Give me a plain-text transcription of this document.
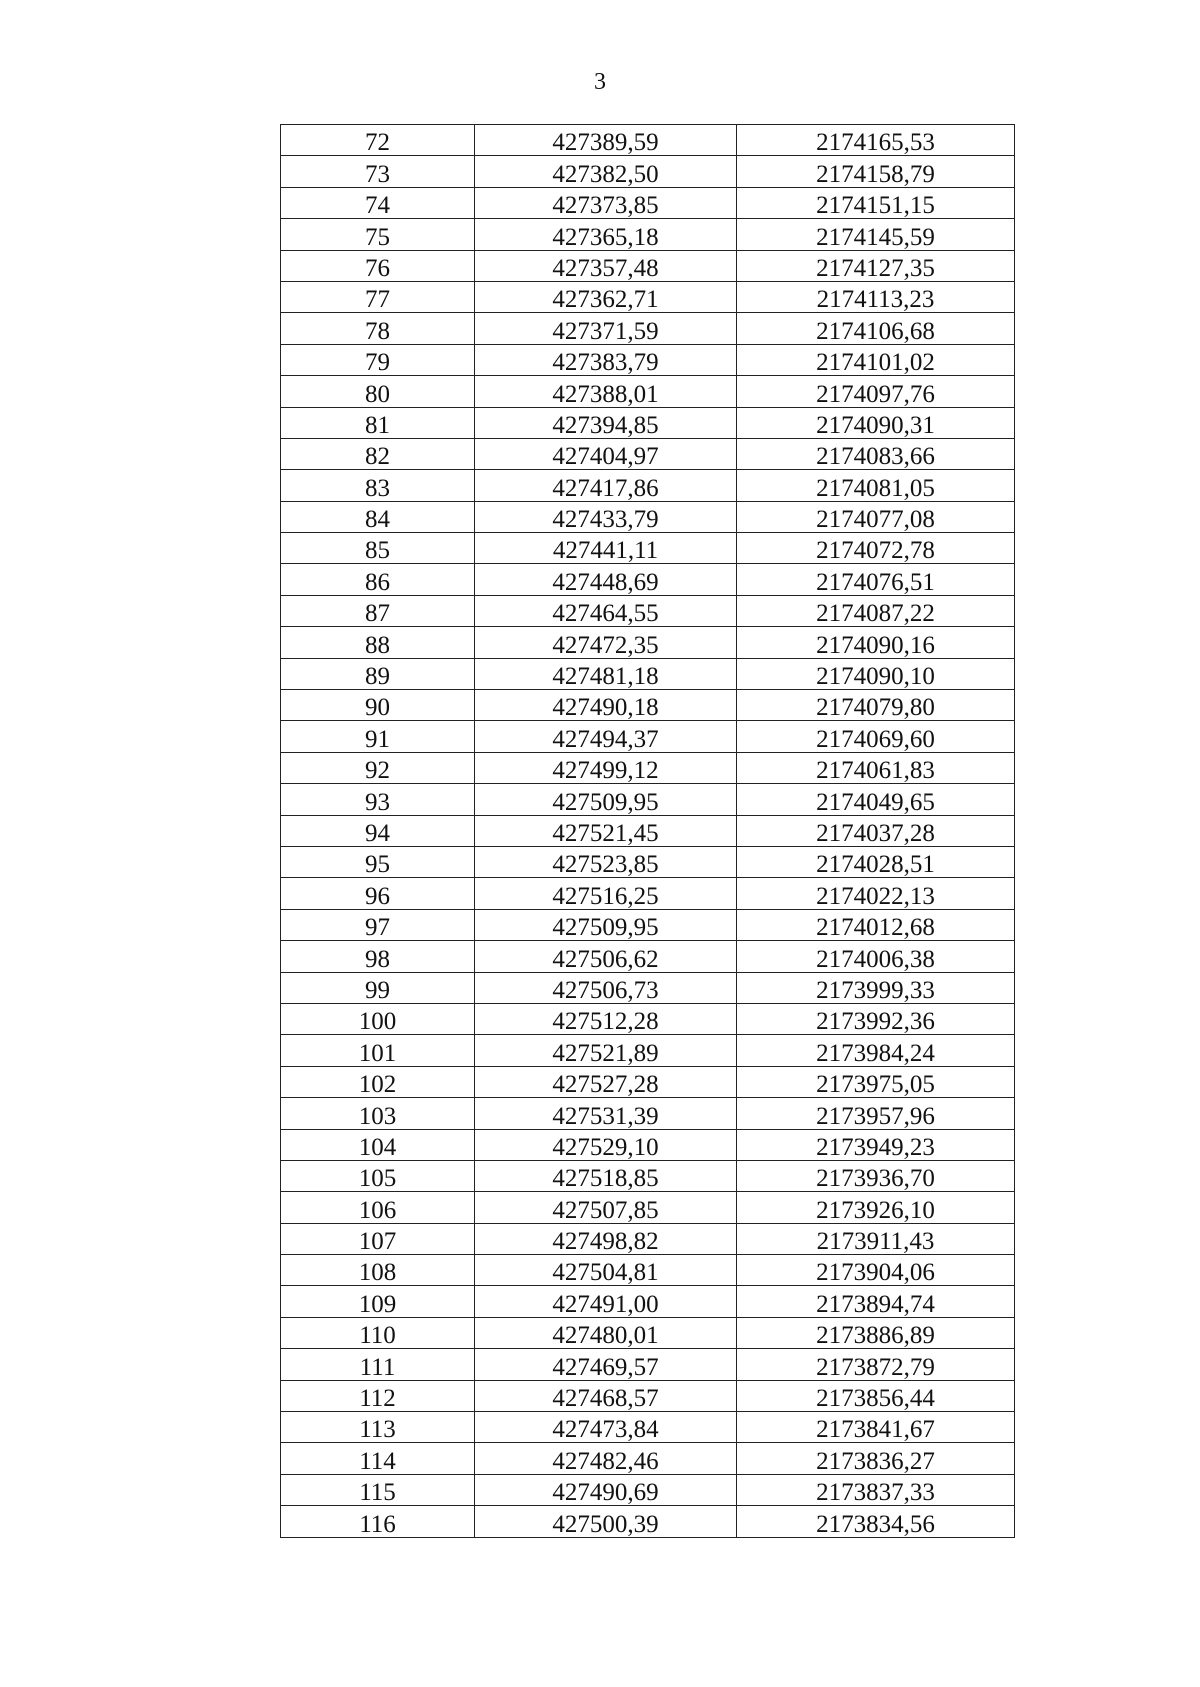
3
72	427389,59	2174165,53
73	427382,50	2174158,79
74	427373,85	2174151,15
75	427365,18	2174145,59
76	427357,48	2174127,35
77	427362,71	2174113,23
78	427371,59	2174106,68
79	427383,79	2174101,02
80	427388,01	2174097,76
81	427394,85	2174090,31
82	427404,97	2174083,66
83	427417,86	2174081,05
84	427433,79	2174077,08
85	427441,11	2174072,78
86	427448,69	2174076,51
87	427464,55	2174087,22
88	427472,35	2174090,16
89	427481,18	2174090,10
90	427490,18	2174079,80
91	427494,37	2174069,60
92	427499,12	2174061,83
93	427509,95	2174049,65
94	427521,45	2174037,28
95	427523,85	2174028,51
96	427516,25	2174022,13
97	427509,95	2174012,68
98	427506,62	2174006,38
99	427506,73	2173999,33
100	427512,28	2173992,36
101	427521,89	2173984,24
102	427527,28	2173975,05
103	427531,39	2173957,96
104	427529,10	2173949,23
105	427518,85	2173936,70
106	427507,85	2173926,10
107	427498,82	2173911,43
108	427504,81	2173904,06
109	427491,00	2173894,74
110	427480,01	2173886,89
111	427469,57	2173872,79
112	427468,57	2173856,44
113	427473,84	2173841,67
114	427482,46	2173836,27
115	427490,69	2173837,33
116	427500,39	2173834,56
